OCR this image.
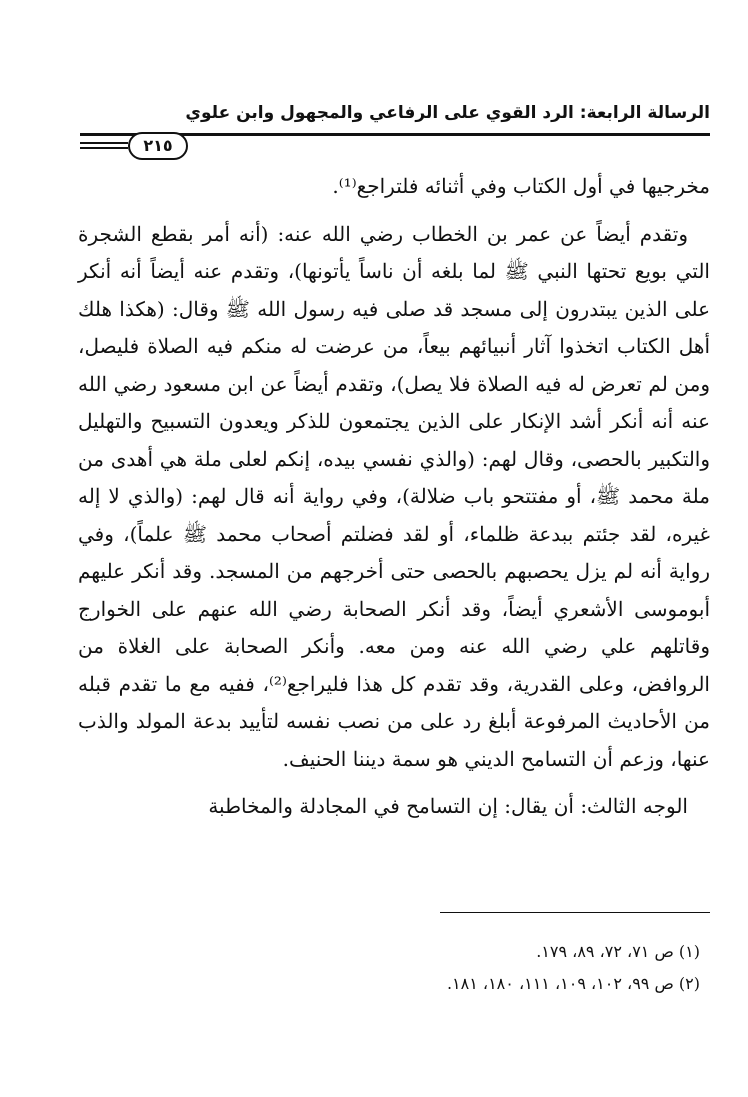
الرسالة الرابعة: الرد القوي على الرفاعي والمجهول وابن علوي
٢١٥

مخرجيها في أول الكتاب وفي أثنائه فلتراجع⁽¹⁾.

وتقدم أيضاً عن عمر بن الخطاب رضي الله عنه: (أنه أمر بقطع الشجرة التي بويع تحتها النبي ﷺ لما بلغه أن ناساً يأتونها)، وتقدم عنه أيضاً أنه أنكر على الذين يبتدرون إلى مسجد قد صلى فيه رسول الله ﷺ وقال: (هكذا هلك أهل الكتاب اتخذوا آثار أنبيائهم بيعاً، من عرضت له منكم فيه الصلاة فليصل، ومن لم تعرض له فيه الصلاة فلا يصل)، وتقدم أيضاً عن ابن مسعود رضي الله عنه أنه أنكر أشد الإنكار على الذين يجتمعون للذكر ويعدون التسبيح والتهليل والتكبير بالحصى، وقال لهم: (والذي نفسي بيده، إنكم لعلى ملة هي أهدى من ملة محمد ﷺ، أو مفتتحو باب ضلالة)، وفي رواية أنه قال لهم: (والذي لا إله غيره، لقد جئتم ببدعة ظلماء، أو لقد فضلتم أصحاب محمد ﷺ علماً)، وفي رواية أنه لم يزل يحصبهم بالحصى حتى أخرجهم من المسجد. وقد أنكر عليهم أبوموسى الأشعري أيضاً، وقد أنكر الصحابة رضي الله عنهم على الخوارج وقاتلهم علي رضي الله عنه ومن معه. وأنكر الصحابة على الغلاة من الروافض، وعلى القدرية، وقد تقدم كل هذا فليراجع⁽²⁾، ففيه مع ما تقدم قبله من الأحاديث المرفوعة أبلغ رد على من نصب نفسه لتأييد بدعة المولد والذب عنها، وزعم أن التسامح الديني هو سمة ديننا الحنيف.

الوجه الثالث: أن يقال: إن التسامح في المجادلة والمخاطبة

(١) ص ٧١، ٧٢، ٨٩، ١٧٩.

(٢) ص ٩٩، ١٠٢، ١٠٩، ١١١، ١٨٠، ١٨١.
